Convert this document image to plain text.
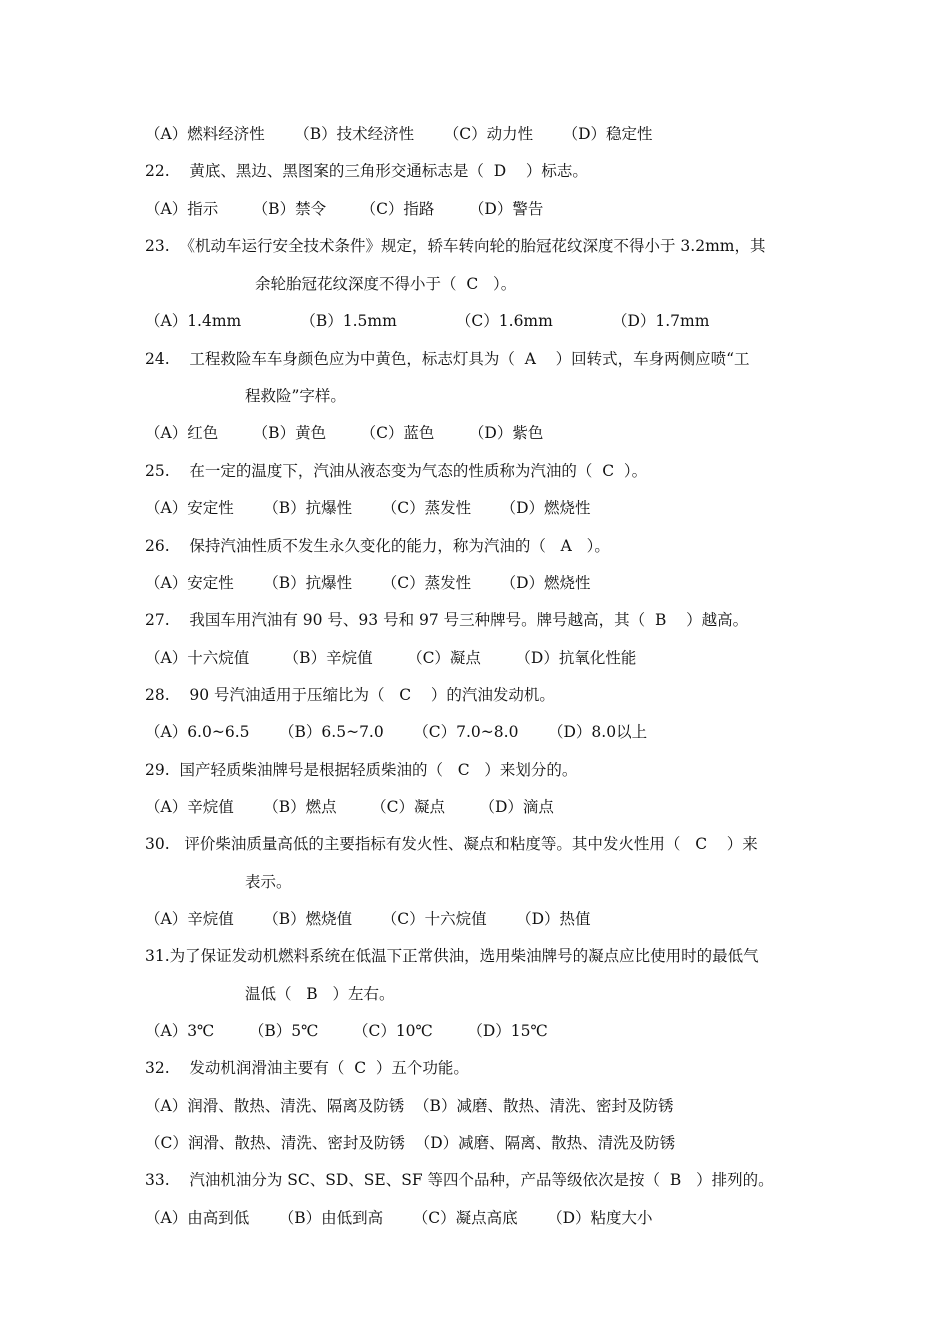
（A）燃料经济性      （B）技术经济性      （C）动力性      （D）稳定性
22.    黄底、黑边、黑图案的三角形交通标志是（  D    ）标志。
（A）指示       （B）禁令       （C）指路       （D）警告
23.  《机动车运行安全技术条件》规定，轿车转向轮的胎冠花纹深度不得小于 3.2mm，其
余轮胎冠花纹深度不得小于（  C   ）。
（A）1.4mm            （B）1.5mm            （C）1.6mm            （D）1.7mm
24.    工程救险车车身颜色应为中黄色，标志灯具为（  A    ）回转式，车身两侧应喷“工
程救险”字样。
（A）红色       （B）黄色       （C）蓝色       （D）紫色
25.    在一定的温度下，汽油从液态变为气态的性质称为汽油的（  C  ）。
（A）安定性      （B）抗爆性      （C）蒸发性      （D）燃烧性
26.    保持汽油性质不发生永久变化的能力，称为汽油的（   A   ）。
（A）安定性      （B）抗爆性      （C）蒸发性      （D）燃烧性
27.    我国车用汽油有 90 号、93 号和 97 号三种牌号。牌号越高，其（  B    ）越高。
（A）十六烷值       （B）辛烷值       （C）凝点       （D）抗氧化性能
28.    90 号汽油适用于压缩比为（   C    ）的汽油发动机。
（A）6.0~6.5      （B）6.5~7.0      （C）7.0~8.0      （D）8.0以上
29.  国产轻质柴油牌号是根据轻质柴油的（   C   ）来划分的。
（A）辛烷值      （B）燃点       （C）凝点       （D）滴点
30.   评价柴油质量高低的主要指标有发火性、凝点和粘度等。其中发火性用（   C    ）来
表示。
（A）辛烷值      （B）燃烧值      （C）十六烷值      （D）热值
31.为了保证发动机燃料系统在低温下正常供油，选用柴油牌号的凝点应比使用时的最低气
温低（   B   ）左右。
（A）3℃       （B）5℃       （C）10℃       （D）15℃
32.    发动机润滑油主要有（  C  ）五个功能。
（A）润滑、散热、清洗、隔离及防锈  （B）减磨、散热、清洗、密封及防锈
（C）润滑、散热、清洗、密封及防锈  （D）减磨、隔离、散热、清洗及防锈
33.    汽油机油分为 SC、SD、SE、SF 等四个品种，产品等级依次是按（  B   ）排列的。
（A）由高到低      （B）由低到高      （C）凝点高底      （D）粘度大小
